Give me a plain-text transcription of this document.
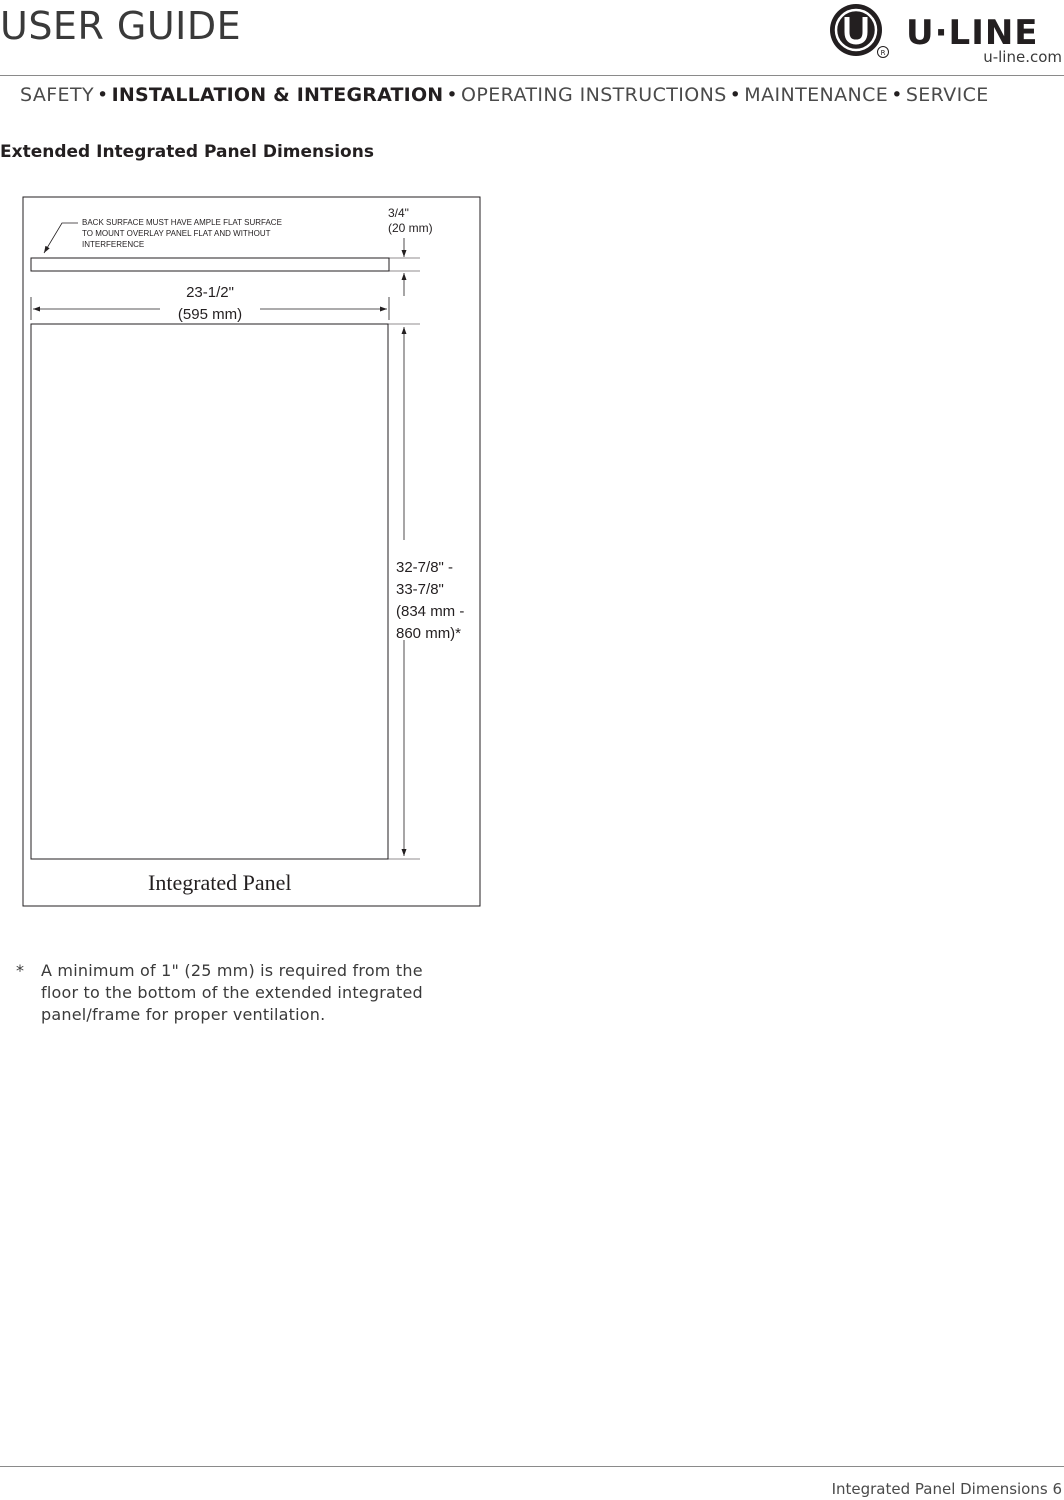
USER GUIDE
R U·LINE
u-line.com
SAFETY • INSTALLATION & INTEGRATION • OPERATING INSTRUCTIONS • MAINTENANCE • SERVICE
Extended Integrated Panel Dimensions
BACK SURFACE MUST HAVE AMPLE FLAT SURFACE
TO MOUNT OVERLAY PANEL FLAT AND WITHOUT
INTERFERENCE
3/4"
(20 mm)
23-1/2"
(595 mm)
32-7/8" -
33-7/8"
(834 mm -
860 mm)*
Integrated Panel
* A minimum of 1" (25 mm) is required from the floor to the bottom of the extended integrated panel/frame for proper ventilation.
Integrated Panel Dimensions 6
